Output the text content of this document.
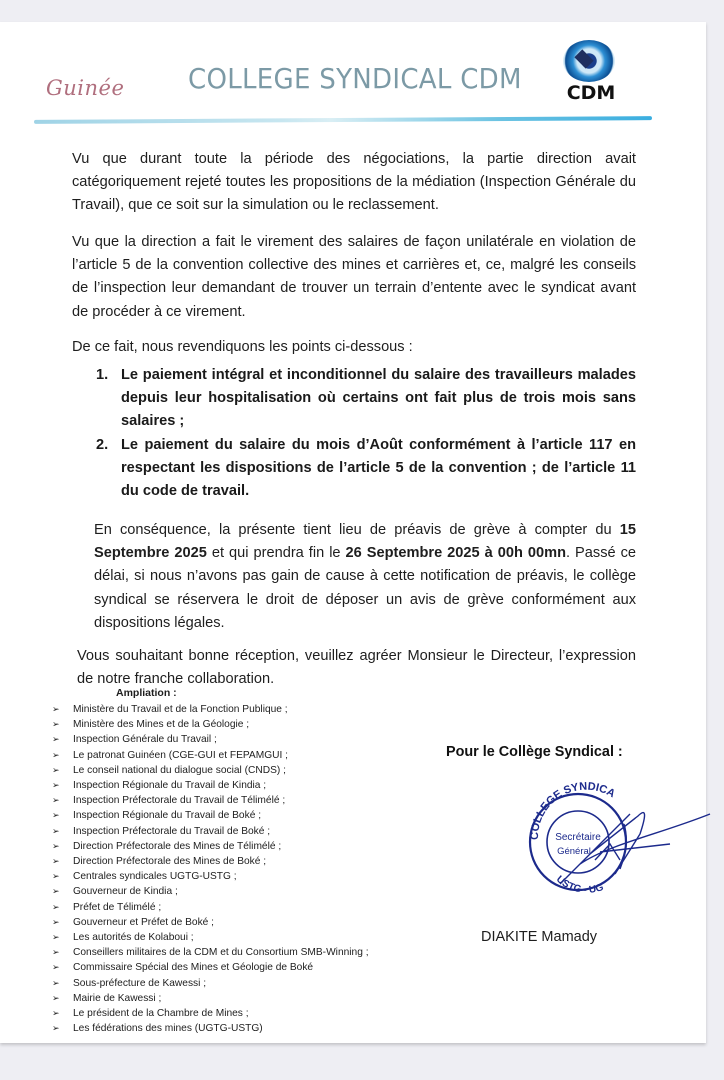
Guinée COLLEGE SYNDICAL CDM	CDM

Vu que durant toute la période des négociations, la partie direction avait catégoriquement rejeté toutes les propositions de la médiation (Inspection Générale du Travail), que ce soit sur la simulation ou le reclassement.

Vu que la direction a fait le virement des salaires de façon unilatérale en violation de l’article 5 de la convention collective des mines et carrières et, ce, malgré les conseils de l’inspection leur demandant de trouver un terrain d’entente avec le syndicat avant de procéder à ce virement.

De ce fait, nous revendiquons les points ci-dessous :

1. Le paiement intégral et inconditionnel du salaire des travailleurs malades depuis leur hospitalisation où certains ont fait plus de trois mois sans salaires ;
2. Le paiement du salaire du mois d’Août conformément à l’article 117 en respectant les dispositions de l’article 5 de la convention ; de l’article 11 du code de travail.

En conséquence, la présente tient lieu de préavis de grève à compter du 15 Septembre 2025 et qui prendra fin le 26 Septembre 2025 à 00h 00mn. Passé ce délai, si nous n’avons pas gain de cause à cette notification de préavis, le collège syndical se réservera le droit de déposer un avis de grève conformément aux dispositions légales.

Vous souhaitant bonne réception, veuillez agréer Monsieur le Directeur, l’expression de notre franche collaboration.

Ampliation :
➢	Ministère du Travail et de la Fonction Publique ;
➢	Ministère des Mines et de la Géologie ;
➢	Inspection Générale du Travail ;
➢	Le patronat Guinéen (CGE-GUI et FEPAMGUI ;
➢	Le conseil national du dialogue social (CNDS) ;
➢	Inspection Régionale du Travail de Kindia ;
➢	Inspection Préfectorale du Travail de Télimélé ;
➢	Inspection Régionale du Travail de Boké ;
➢	Inspection Préfectorale du Travail de Boké ;
➢	Direction Préfectorale des Mines de Télimélé ;
➢	Direction Préfectorale des Mines de Boké ;
➢	Centrales syndicales UGTG-USTG ;
➢	Gouverneur de Kindia ;
➢	Préfet de Télimélé ;
➢	Gouverneur et Préfet de Boké ;
➢	Les autorités de Kolaboui ;
➢	Conseillers militaires de la CDM et du Consortium SMB-Winning ;
➢	Commissaire Spécial des Mines et Géologie de Boké
➢	Sous-préfecture de Kawessi ;
➢	Mairie de Kawessi ;
➢	Le président de la Chambre de Mines ;
➢	Les fédérations des mines (UGTG-USTG)
Pour le Collège Syndical :
COLLEGE SYNDICA
USTG - UG
Secrétaire
Général
DIAKITE Mamady
